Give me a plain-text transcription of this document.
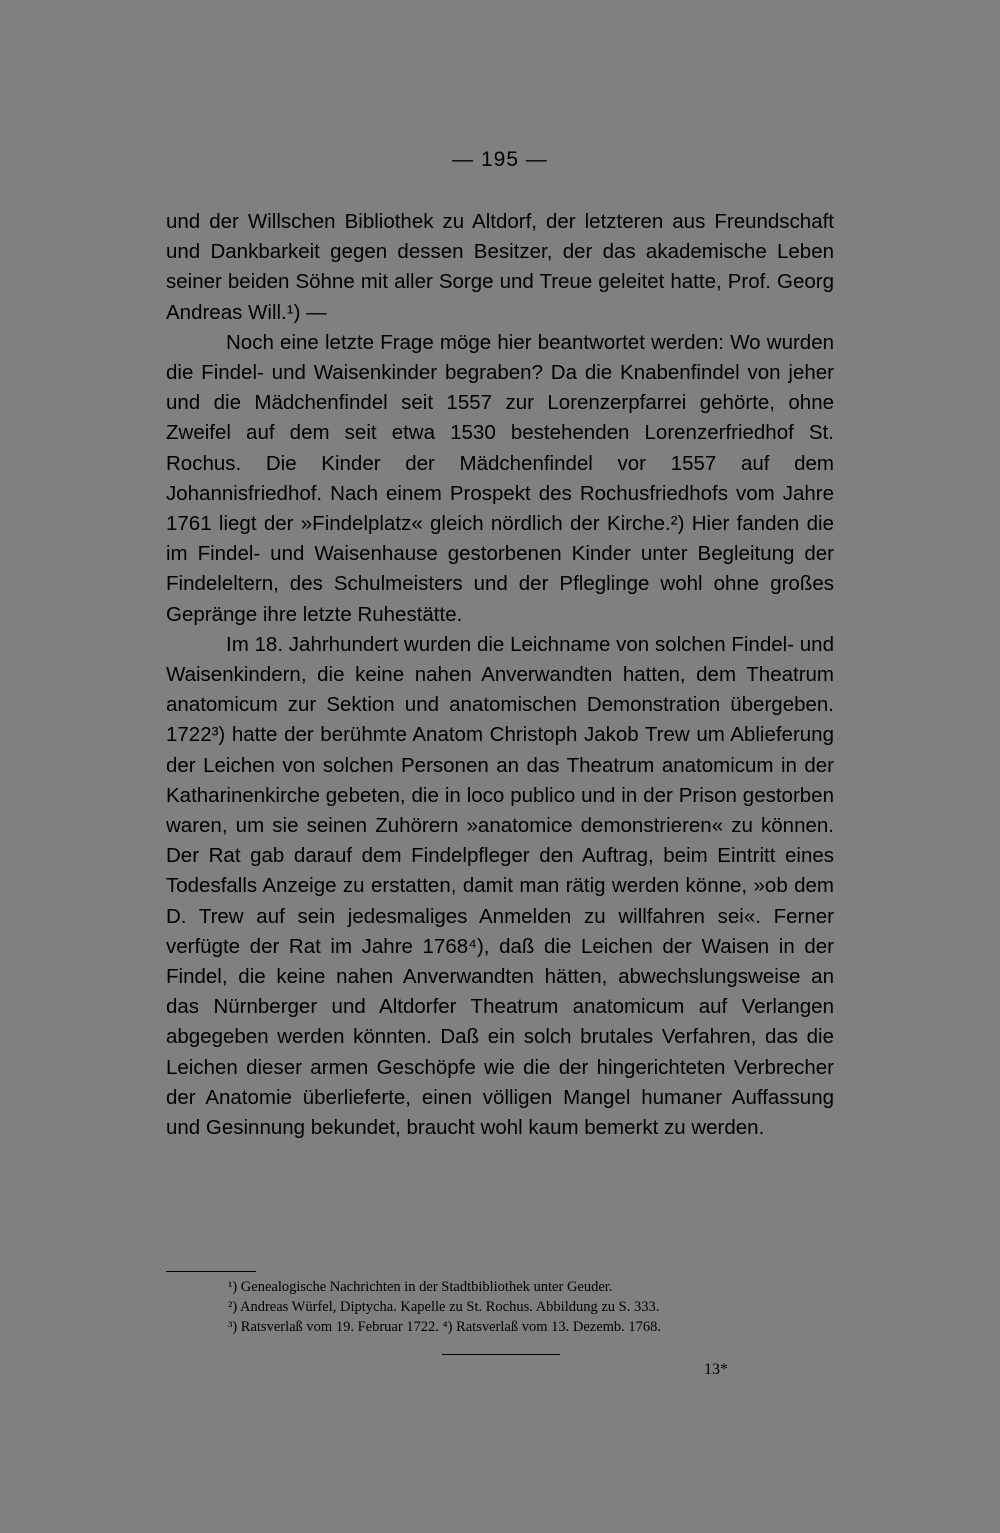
— 195 —

und der Willschen Bibliothek zu Altdorf, der letzteren aus Freundschaft und Dankbarkeit gegen dessen Besitzer, der das akademische Leben seiner beiden Söhne mit aller Sorge und Treue geleitet hatte, Prof. Georg Andreas Will.¹) —

Noch eine letzte Frage möge hier beantwortet werden: Wo wurden die Findel- und Waisenkinder begraben? Da die Knabenfindel von jeher und die Mädchenfindel seit 1557 zur Lorenzerpfarrei gehörte, ohne Zweifel auf dem seit etwa 1530 bestehenden Lorenzerfriedhof St. Rochus. Die Kinder der Mädchenfindel vor 1557 auf dem Johannisfriedhof. Nach einem Prospekt des Rochusfriedhofs vom Jahre 1761 liegt der »Findelplatz« gleich nördlich der Kirche.²) Hier fanden die im Findel- und Waisenhause gestorbenen Kinder unter Begleitung der Findeleltern, des Schulmeisters und der Pfleglinge wohl ohne großes Gepränge ihre letzte Ruhestätte.

Im 18. Jahrhundert wurden die Leichname von solchen Findel- und Waisenkindern, die keine nahen Anverwandten hatten, dem Theatrum anatomicum zur Sektion und anatomischen Demonstration übergeben. 1722³) hatte der berühmte Anatom Christoph Jakob Trew um Ablieferung der Leichen von solchen Personen an das Theatrum anatomicum in der Katharinenkirche gebeten, die in loco publico und in der Prison gestorben waren, um sie seinen Zuhörern »anatomice demonstrieren« zu können. Der Rat gab darauf dem Findelpfleger den Auftrag, beim Eintritt eines Todesfalls Anzeige zu erstatten, damit man rätig werden könne, »ob dem D. Trew auf sein jedesmaliges Anmelden zu willfahren sei«. Ferner verfügte der Rat im Jahre 1768⁴), daß die Leichen der Waisen in der Findel, die keine nahen Anverwandten hätten, abwechslungsweise an das Nürnberger und Altdorfer Theatrum anatomicum auf Verlangen abgegeben werden könnten. Daß ein solch brutales Verfahren, das die Leichen dieser armen Geschöpfe wie die der hingerichteten Verbrecher der Anatomie überlieferte, einen völligen Mangel humaner Auffassung und Gesinnung bekundet, braucht wohl kaum bemerkt zu werden.

¹) Genealogische Nachrichten in der Stadtbibliothek unter Geuder.
²) Andreas Würfel, Diptycha. Kapelle zu St. Rochus. Abbildung zu S. 333.
³) Ratsverlaß vom 19. Februar 1722. ⁴) Ratsverlaß vom 13. Dezemb. 1768.
13*
